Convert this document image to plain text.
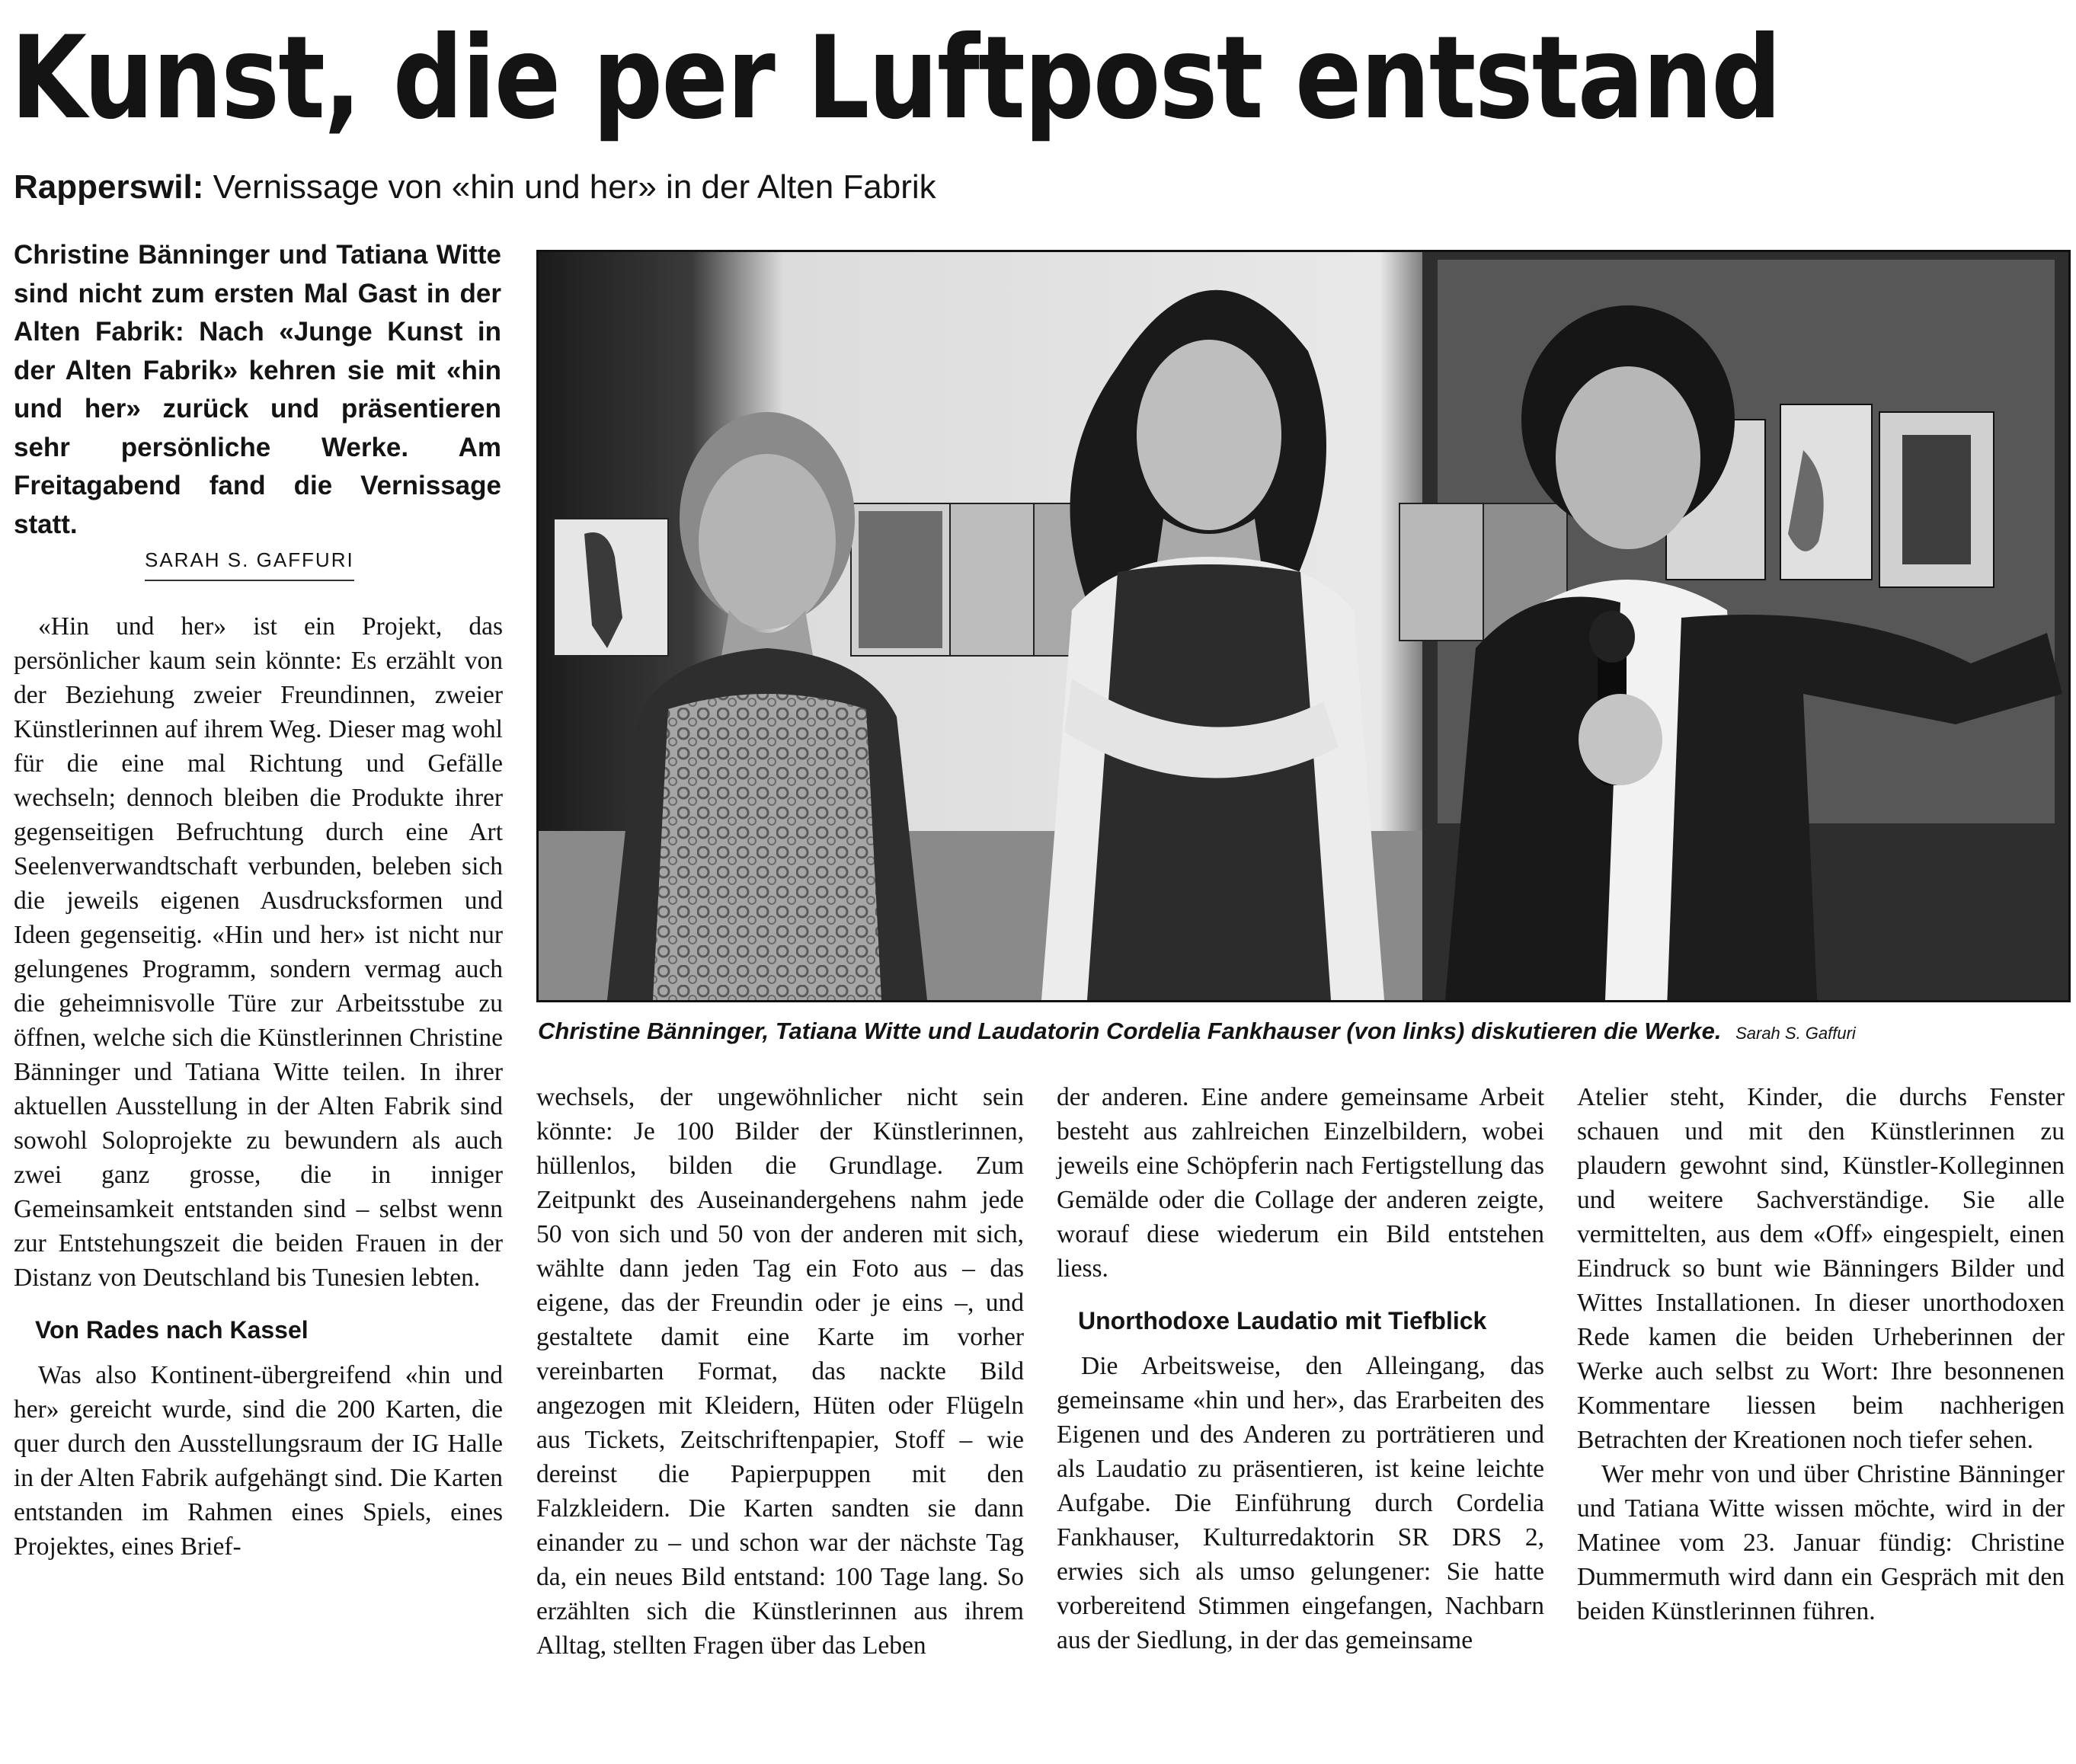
Kunst, die per Luftpost entstand
Rapperswil: Vernissage von «hin und her» in der Alten Fabrik

Christine Bänninger und Tatiana Witte sind nicht zum ersten Mal Gast in der Alten Fabrik: Nach «Junge Kunst in der Alten Fabrik» kehren sie mit «hin und her» zurück und präsentieren sehr persönliche Werke. Am Freitagabend fand die Vernissage statt.

SARAH S. GAFFURI
Christine Bänninger, Tatiana Witte und Laudatorin Cordelia Fankhauser (von links) diskutieren die Werke. Sarah S. Gaffuri

«Hin und her» ist ein Projekt, das persönlicher kaum sein könnte: Es erzählt von der Beziehung zweier Freundinnen, zweier Künstlerinnen auf ihrem Weg. Dieser mag wohl für die eine mal Richtung und Gefälle wechseln; dennoch bleiben die Produkte ihrer gegenseitigen Befruchtung durch eine Art Seelenverwandtschaft verbunden, beleben sich die jeweils eigenen Ausdrucksformen und Ideen gegenseitig. «Hin und her» ist nicht nur gelungenes Programm, sondern vermag auch die geheimnisvolle Türe zur Arbeitsstube zu öffnen, welche sich die Künstlerinnen Christine Bänninger und Tatiana Witte teilen. In ihrer aktuellen Ausstellung in der Alten Fabrik sind sowohl Soloprojekte zu bewundern als auch zwei ganz grosse, die in inniger Gemeinsamkeit entstanden sind – selbst wenn zur Entstehungszeit die beiden Frauen in der Distanz von Deutschland bis Tunesien lebten.

Von Rades nach Kassel

Was also Kontinent-übergreifend «hin und her» gereicht wurde, sind die 200 Karten, die quer durch den Ausstellungsraum der IG Halle in der Alten Fabrik aufgehängt sind. Die Karten entstanden im Rahmen eines Spiels, eines Projektes, eines Brief-

wechsels, der ungewöhnlicher nicht sein könnte: Je 100 Bilder der Künstlerinnen, hüllenlos, bilden die Grundlage. Zum Zeitpunkt des Auseinandergehens nahm jede 50 von sich und 50 von der anderen mit sich, wählte dann jeden Tag ein Foto aus – das eigene, das der Freundin oder je eins –, und gestaltete damit eine Karte im vorher vereinbarten Format, das nackte Bild angezogen mit Kleidern, Hüten oder Flügeln aus Tickets, Zeitschriftenpapier, Stoff – wie dereinst die Papierpuppen mit den Falzkleidern. Die Karten sandten sie dann einander zu – und schon war der nächste Tag da, ein neues Bild entstand: 100 Tage lang. So erzählten sich die Künstlerinnen aus ihrem Alltag, stellten Fragen über das Leben

der anderen. Eine andere gemeinsame Arbeit besteht aus zahlreichen Einzelbildern, wobei jeweils eine Schöpferin nach Fertigstellung das Gemälde oder die Collage der anderen zeigte, worauf diese wiederum ein Bild entstehen liess.

Unorthodoxe Laudatio mit Tiefblick

Die Arbeitsweise, den Alleingang, das gemeinsame «hin und her», das Erarbeiten des Eigenen und des Anderen zu porträtieren und als Laudatio zu präsentieren, ist keine leichte Aufgabe. Die Einführung durch Cordelia Fankhauser, Kulturredaktorin SR DRS 2, erwies sich als umso gelungener: Sie hatte vorbereitend Stimmen eingefangen, Nachbarn aus der Siedlung, in der das gemeinsame

Atelier steht, Kinder, die durchs Fenster schauen und mit den Künstlerinnen zu plaudern gewohnt sind, Künstler-Kolleginnen und weitere Sachverständige. Sie alle vermittelten, aus dem «Off» eingespielt, einen Eindruck so bunt wie Bänningers Bilder und Wittes Installationen. In dieser unorthodoxen Rede kamen die beiden Urheberinnen der Werke auch selbst zu Wort: Ihre besonnenen Kommentare liessen beim nachherigen Betrachten der Kreationen noch tiefer sehen.

Wer mehr von und über Christine Bänninger und Tatiana Witte wissen möchte, wird in der Matinee vom 23. Januar fündig: Christine Dummermuth wird dann ein Gespräch mit den beiden Künstlerinnen führen.
